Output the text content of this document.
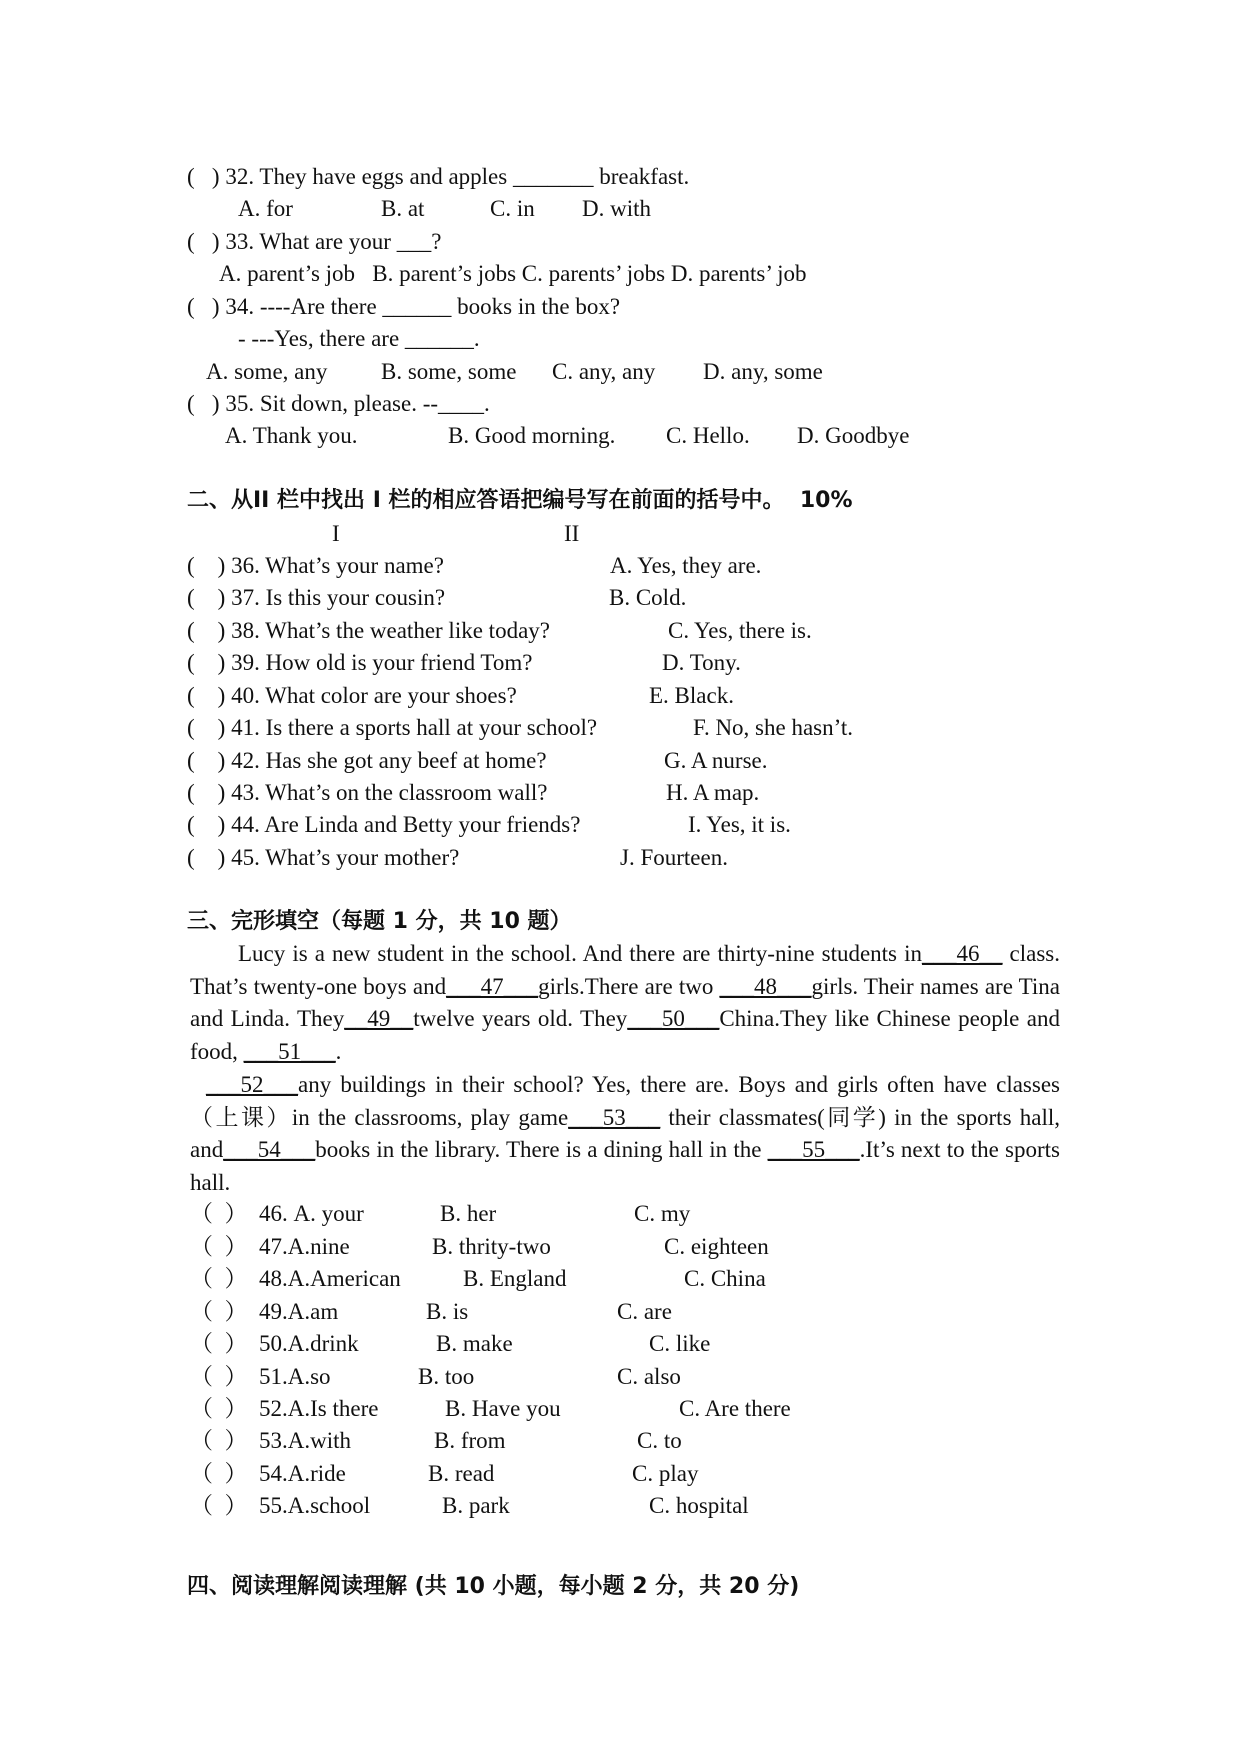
(   ) 32. They have eggs and apples _______ breakfast.
A. for	B. at	C. in D. with
(   ) 33. What are your ___?
A. parent’s job   B. parent’s jobs C. parents’ jobs D. parents’ job
(   ) 34. ----Are there ______ books in the box?
- ---Yes, there are ______.
A. some, any B. some, some C. any, any D. any, some
(   ) 35. Sit down, please. --____.
A. Thank you.	B. Good morning. C. Hello. D. Goodbye
二、从II 栏中找出 I 栏的相应答语把编号写在前面的括号中。  10%
I	II
(    ) 36. What’s your name?	A. Yes, they are.
(    ) 37. Is this your cousin?	B. Cold.
(    ) 38. What’s the weather like today?	C. Yes, there is.
(    ) 39. How old is your friend Tom?	D. Tony.
(    ) 40. What color are your shoes?	E. Black.
(    ) 41. Is there a sports hall at your school?	F. No, she hasn’t.
(    ) 42. Has she got any beef at home?	G. A nurse.
(    ) 43. What’s on the classroom wall?	H. A map.
(    ) 44. Are Linda and Betty your friends?	I. Yes, it is.
(    ) 45. What’s your mother?	J. Fourteen.
三、完形填空（每题 1 分，共 10 题）
Lucy is a new student in the school. And there are thirty-nine students in___46__ class. That’s twenty-one boys and___47___girls.There are two ___48___girls. Their names are Tina and Linda. They__49__twelve years old. They___50___China.They like Chinese people and food, ___51___.
___52___any buildings in their school? Yes, there are. Boys and girls often have classes（上课）in the classrooms, play game___53___ their classmates(同学) in the sports hall, and___54___books in the library. There is a dining hall in the ___55___.It’s next to the sports hall.
（  ）  46. A. your	B. her	C. my
（  ）  47.A.nine	B. thrity-two	C. eighteen
（  ）  48.A.American	B. England	C. China
（  ）  49.A.am	B. is	C. are
（  ）  50.A.drink	B. make	C. like
（  ）  51.A.so	B. too	C. also
（  ）  52.A.Is there	B. Have you	C. Are there
（  ）  53.A.with	B. from	C. to
（  ）  54.A.ride	B. read	C. play
（  ）  55.A.school	B. park	C. hospital
四、阅读理解阅读理解 (共 10 小题，每小题 2 分，共 20 分)
